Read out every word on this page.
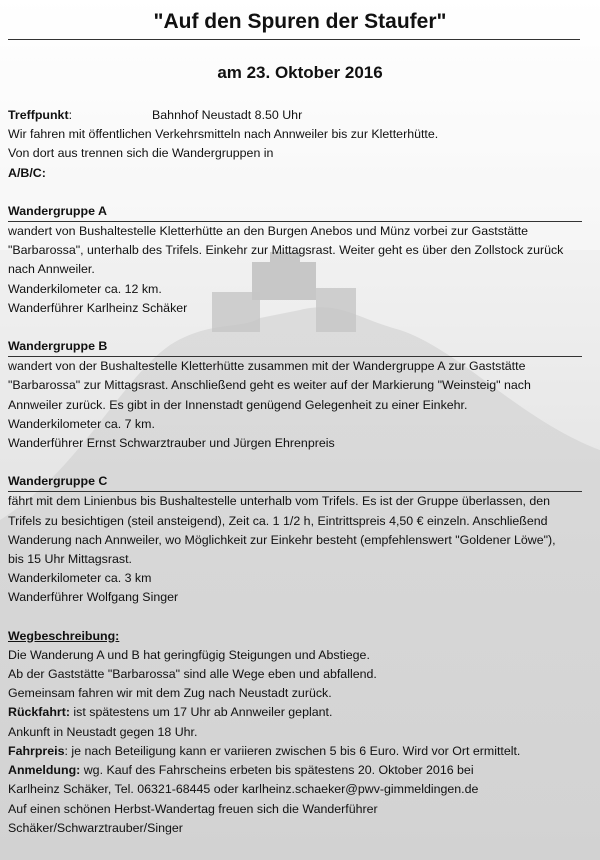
"Auf den Spuren der Staufer"
am 23. Oktober 2016
Treffpunkt:	Bahnhof Neustadt 8.50 Uhr
Wir fahren mit öffentlichen Verkehrsmitteln nach Annweiler bis zur Kletterhütte.
Von dort aus trennen sich die Wandergruppen in
A/B/C:
Wandergruppe A
wandert von Bushaltestelle Kletterhütte an den Burgen Anebos und Münz vorbei zur Gaststätte
"Barbarossa", unterhalb des Trifels. Einkehr zur Mittagsrast. Weiter geht es über den Zollstock zurück
nach Annweiler.
Wanderkilometer ca. 12 km.
Wanderführer Karlheinz Schäker
Wandergruppe B
wandert von der Bushaltestelle Kletterhütte zusammen mit der Wandergruppe A zur Gaststätte
"Barbarossa" zur Mittagsrast. Anschließend geht es weiter auf der Markierung "Weinsteig" nach
Annweiler zurück. Es gibt in der Innenstadt genügend Gelegenheit zu einer Einkehr.
Wanderkilometer ca. 7 km.
Wanderführer Ernst Schwarztrauber und Jürgen Ehrenpreis
Wandergruppe C
fährt mit dem Linienbus bis Bushaltestelle unterhalb vom Trifels. Es ist der Gruppe überlassen, den
Trifels zu besichtigen (steil ansteigend), Zeit ca. 1 1/2 h, Eintrittspreis 4,50 € einzeln. Anschließend
Wanderung nach Annweiler, wo Möglichkeit zur Einkehr besteht (empfehlenswert "Goldener Löwe"),
bis 15 Uhr Mittagsrast.
Wanderkilometer ca. 3 km
Wanderführer Wolfgang Singer
Wegbeschreibung:
Die Wanderung A und B hat geringfügig Steigungen und Abstiege.
Ab der Gaststätte "Barbarossa" sind alle Wege eben und abfallend.
Gemeinsam fahren wir mit dem Zug nach Neustadt zurück.
Rückfahrt: ist spätestens um 17 Uhr ab Annweiler geplant.
Ankunft in Neustadt gegen 18 Uhr.
Fahrpreis: je nach Beteiligung kann er variieren zwischen 5 bis 6 Euro. Wird vor Ort ermittelt.
Anmeldung: wg. Kauf des Fahrscheins erbeten bis spätestens 20. Oktober 2016 bei
Karlheinz Schäker, Tel. 06321-68445 oder karlheinz.schaeker@pwv-gimmeldingen.de
Auf einen schönen Herbst-Wandertag freuen sich die Wanderführer
Schäker/Schwarztrauber/Singer
